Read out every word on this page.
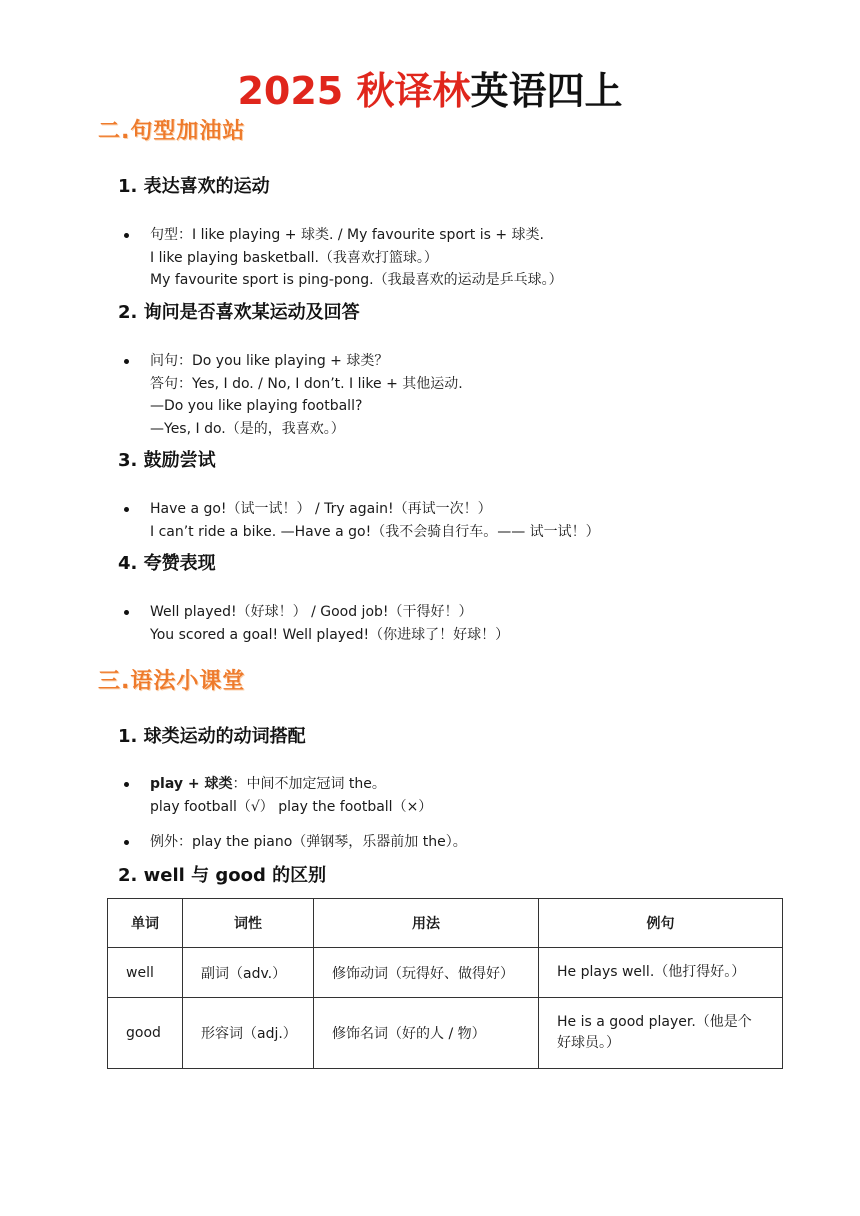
2025 秋译林英语四上
二.句型加油站
1. 表达喜欢的运动
句型：I like playing + 球类. / My favourite sport is + 球类.
I like playing basketball.（我喜欢打篮球。）
My favourite sport is ping-pong.（我最喜欢的运动是乒乓球。）
2. 询问是否喜欢某运动及回答
问句：Do you like playing + 球类？
答句：Yes, I do. / No, I don’t. I like + 其他运动.
—Do you like playing football?
—Yes, I do.（是的，我喜欢。）
3. 鼓励尝试
Have a go!（试一试！） / Try again!（再试一次！）
I can’t ride a bike. —Have a go!（我不会骑自行车。—— 试一试！）
4. 夸赞表现
Well played!（好球！） / Good job!（干得好！）
You scored a goal! Well played!（你进球了！好球！）
三.语法小课堂
1. 球类运动的动词搭配
play + 球类：中间不加定冠词 the。
play football（√） play the football（×）
例外：play the piano（弹钢琴，乐器前加 the）。
2. well 与 good 的区别
单词	词性	用法	例句
well	副词（adv.）	修饰动词（玩得好、做得好）	He plays well.（他打得好。）
good	形容词（adj.）	修饰名词（好的人 / 物）	He is a good player.（他是个好球员。）
